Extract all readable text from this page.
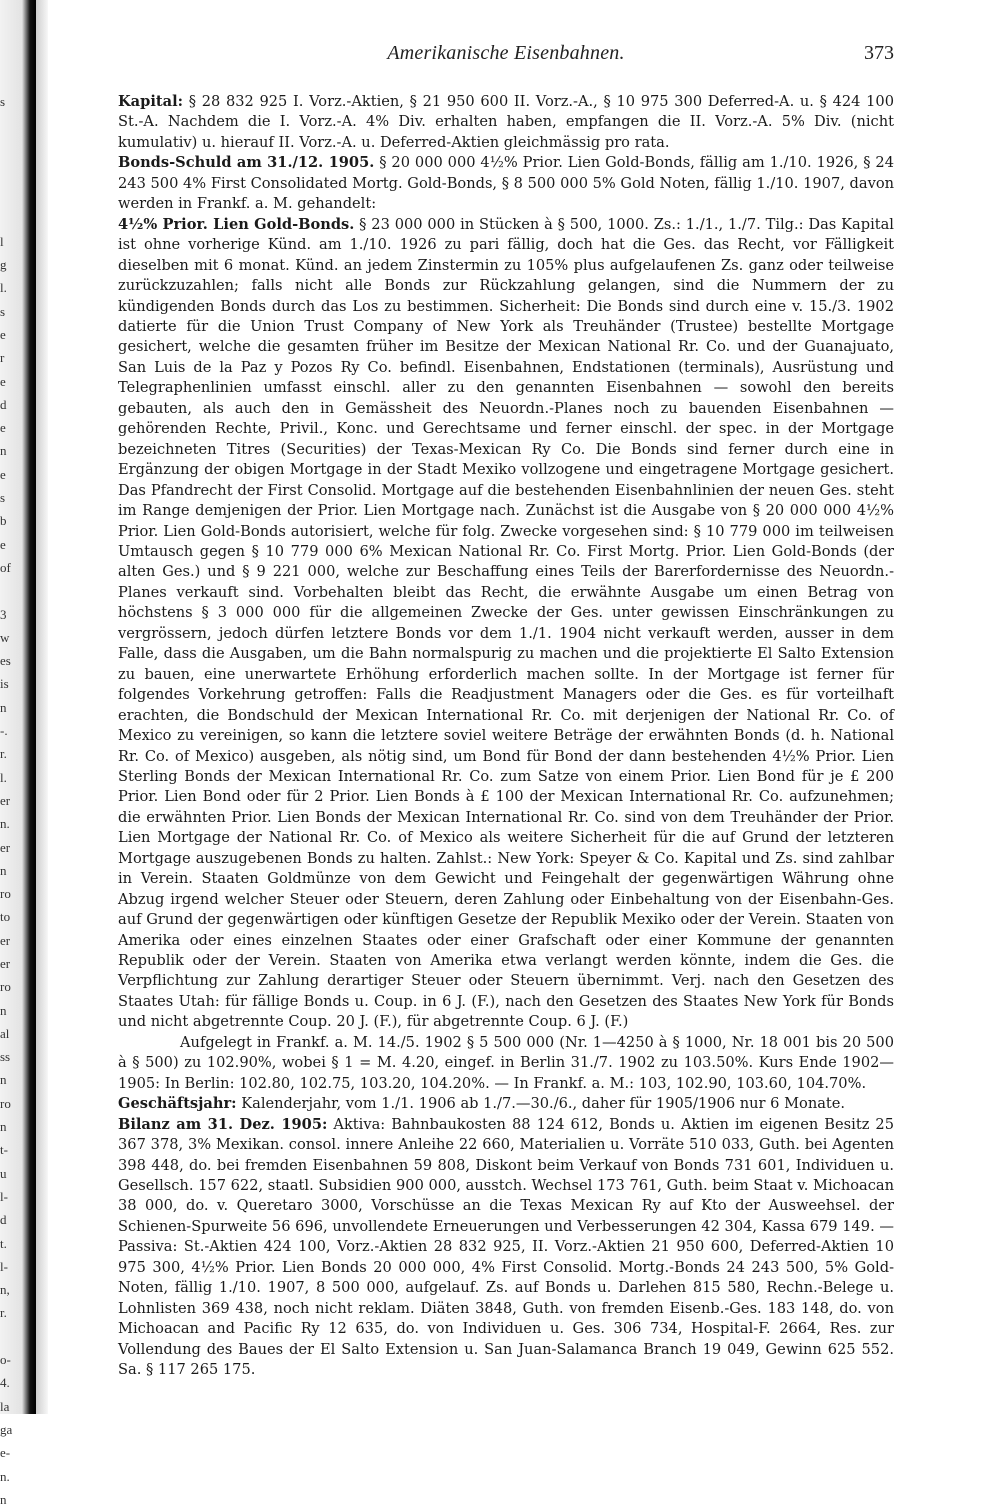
s
l
g
l.
s
e
r
e
d
e
n
e
s
b
e
of
3
w
es
is
n
-.
r.
l.
er
n.
er
n
ro
to
er
er
ro
n
al
ss
n
ro
n
t-
u
l-
d
t.
l-
n,
r.
o-
4.
la
ga
e-
n.
n
Amerikanische Eisenbahnen.	373

Kapital: § 28 832 925 I. Vorz.-Aktien, § 21 950 600 II. Vorz.-A., § 10 975 300 Deferred-A. u. § 424 100 St.-A. Nachdem die I. Vorz.-A. 4% Div. erhalten haben, empfangen die II. Vorz.-A. 5% Div. (nicht kumulativ) u. hierauf II. Vorz.-A. u. Deferred-Aktien gleichmässig pro rata.

Bonds-Schuld am 31./12. 1905. § 20 000 000 4½% Prior. Lien Gold-Bonds, fällig am 1./10. 1926, § 24 243 500 4% First Consolidated Mortg. Gold-Bonds, § 8 500 000 5% Gold Noten, fällig 1./10. 1907, davon werden in Frankf. a. M. gehandelt:

4½% Prior. Lien Gold-Bonds. § 23 000 000 in Stücken à § 500, 1000. Zs.: 1./1., 1./7. Tilg.: Das Kapital ist ohne vorherige Künd. am 1./10. 1926 zu pari fällig, doch hat die Ges. das Recht, vor Fälligkeit dieselben mit 6 monat. Künd. an jedem Zinstermin zu 105% plus aufgelaufenen Zs. ganz oder teilweise zurückzuzahlen; falls nicht alle Bonds zur Rückzahlung gelangen, sind die Nummern der zu kündigenden Bonds durch das Los zu bestimmen. Sicherheit: Die Bonds sind durch eine v. 15./3. 1902 datierte für die Union Trust Company of New York als Treuhänder (Trustee) bestellte Mortgage gesichert, welche die gesamten früher im Besitze der Mexican National Rr. Co. und der Guanajuato, San Luis de la Paz y Pozos Ry Co. befindl. Eisenbahnen, Endstationen (terminals), Ausrüstung und Telegraphenlinien umfasst einschl. aller zu den genannten Eisenbahnen — sowohl den bereits gebauten, als auch den in Gemässheit des Neuordn.-Planes noch zu bauenden Eisenbahnen — gehörenden Rechte, Privil., Konc. und Gerechtsame und ferner einschl. der spec. in der Mortgage bezeichneten Titres (Securities) der Texas-Mexican Ry Co. Die Bonds sind ferner durch eine in Ergänzung der obigen Mortgage in der Stadt Mexiko vollzogene und eingetragene Mortgage gesichert. Das Pfandrecht der First Consolid. Mortgage auf die bestehenden Eisenbahnlinien der neuen Ges. steht im Range demjenigen der Prior. Lien Mortgage nach. Zunächst ist die Ausgabe von § 20 000 000 4½% Prior. Lien Gold-Bonds autorisiert, welche für folg. Zwecke vorgesehen sind: § 10 779 000 im teilweisen Umtausch gegen § 10 779 000 6% Mexican National Rr. Co. First Mortg. Prior. Lien Gold-Bonds (der alten Ges.) und § 9 221 000, welche zur Beschaffung eines Teils der Barerfordernisse des Neuordn.-Planes verkauft sind. Vorbehalten bleibt das Recht, die erwähnte Ausgabe um einen Betrag von höchstens § 3 000 000 für die allgemeinen Zwecke der Ges. unter gewissen Einschränkungen zu vergrössern, jedoch dürfen letztere Bonds vor dem 1./1. 1904 nicht verkauft werden, ausser in dem Falle, dass die Ausgaben, um die Bahn normalspurig zu machen und die projektierte El Salto Extension zu bauen, eine unerwartete Erhöhung erforderlich machen sollte. In der Mortgage ist ferner für folgendes Vorkehrung getroffen: Falls die Readjustment Managers oder die Ges. es für vorteilhaft erachten, die Bondschuld der Mexican International Rr. Co. mit derjenigen der National Rr. Co. of Mexico zu vereinigen, so kann die letztere soviel weitere Beträge der erwähnten Bonds (d. h. National Rr. Co. of Mexico) ausgeben, als nötig sind, um Bond für Bond der dann bestehenden 4½% Prior. Lien Sterling Bonds der Mexican International Rr. Co. zum Satze von einem Prior. Lien Bond für je £ 200 Prior. Lien Bond oder für 2 Prior. Lien Bonds à £ 100 der Mexican International Rr. Co. aufzunehmen; die erwähnten Prior. Lien Bonds der Mexican International Rr. Co. sind von dem Treuhänder der Prior. Lien Mortgage der National Rr. Co. of Mexico als weitere Sicherheit für die auf Grund der letzteren Mortgage auszugebenen Bonds zu halten. Zahlst.: New York: Speyer & Co. Kapital und Zs. sind zahlbar in Verein. Staaten Goldmünze von dem Gewicht und Feingehalt der gegenwärtigen Währung ohne Abzug irgend welcher Steuer oder Steuern, deren Zahlung oder Einbehaltung von der Eisenbahn-Ges. auf Grund der gegenwärtigen oder künftigen Gesetze der Republik Mexiko oder der Verein. Staaten von Amerika oder eines einzelnen Staates oder einer Grafschaft oder einer Kommune der genannten Republik oder der Verein. Staaten von Amerika etwa verlangt werden könnte, indem die Ges. die Verpflichtung zur Zahlung derartiger Steuer oder Steuern übernimmt. Verj. nach den Gesetzen des Staates Utah: für fällige Bonds u. Coup. in 6 J. (F.), nach den Gesetzen des Staates New York für Bonds und nicht abgetrennte Coup. 20 J. (F.), für abgetrennte Coup. 6 J. (F.)

Aufgelegt in Frankf. a. M. 14./5. 1902 § 5 500 000 (Nr. 1—4250 à § 1000, Nr. 18 001 bis 20 500 à § 500) zu 102.90%, wobei § 1 = M. 4.20, eingef. in Berlin 31./7. 1902 zu 103.50%. Kurs Ende 1902—1905: In Berlin: 102.80, 102.75, 103.20, 104.20%. — In Frankf. a. M.: 103, 102.90, 103.60, 104.70%.

Geschäftsjahr: Kalenderjahr, vom 1./1. 1906 ab 1./7.—30./6., daher für 1905/1906 nur 6 Monate.

Bilanz am 31. Dez. 1905: Aktiva: Bahnbaukosten 88 124 612, Bonds u. Aktien im eigenen Besitz 25 367 378, 3% Mexikan. consol. innere Anleihe 22 660, Materialien u. Vorräte 510 033, Guth. bei Agenten 398 448, do. bei fremden Eisenbahnen 59 808, Diskont beim Verkauf von Bonds 731 601, Individuen u. Gesellsch. 157 622, staatl. Subsidien 900 000, ausstch. Wechsel 173 761, Guth. beim Staat v. Michoacan 38 000, do. v. Queretaro 3000, Vorschüsse an die Texas Mexican Ry auf Kto der Ausweehsel. der Schienen-Spurweite 56 696, unvollendete Erneuerungen und Verbesserungen 42 304, Kassa 679 149. — Passiva: St.-Aktien 424 100, Vorz.-Aktien 28 832 925, II. Vorz.-Aktien 21 950 600, Deferred-Aktien 10 975 300, 4½% Prior. Lien Bonds 20 000 000, 4% First Consolid. Mortg.-Bonds 24 243 500, 5% Gold-Noten, fällig 1./10. 1907, 8 500 000, aufgelauf. Zs. auf Bonds u. Darlehen 815 580, Rechn.-Belege u. Lohnlisten 369 438, noch nicht reklam. Diäten 3848, Guth. von fremden Eisenb.-Ges. 183 148, do. von Michoacan and Pacific Ry 12 635, do. von Individuen u. Ges. 306 734, Hospital-F. 2664, Res. zur Vollendung des Baues der El Salto Extension u. San Juan-Salamanca Branch 19 049, Gewinn 625 552. Sa. § 117 265 175.
